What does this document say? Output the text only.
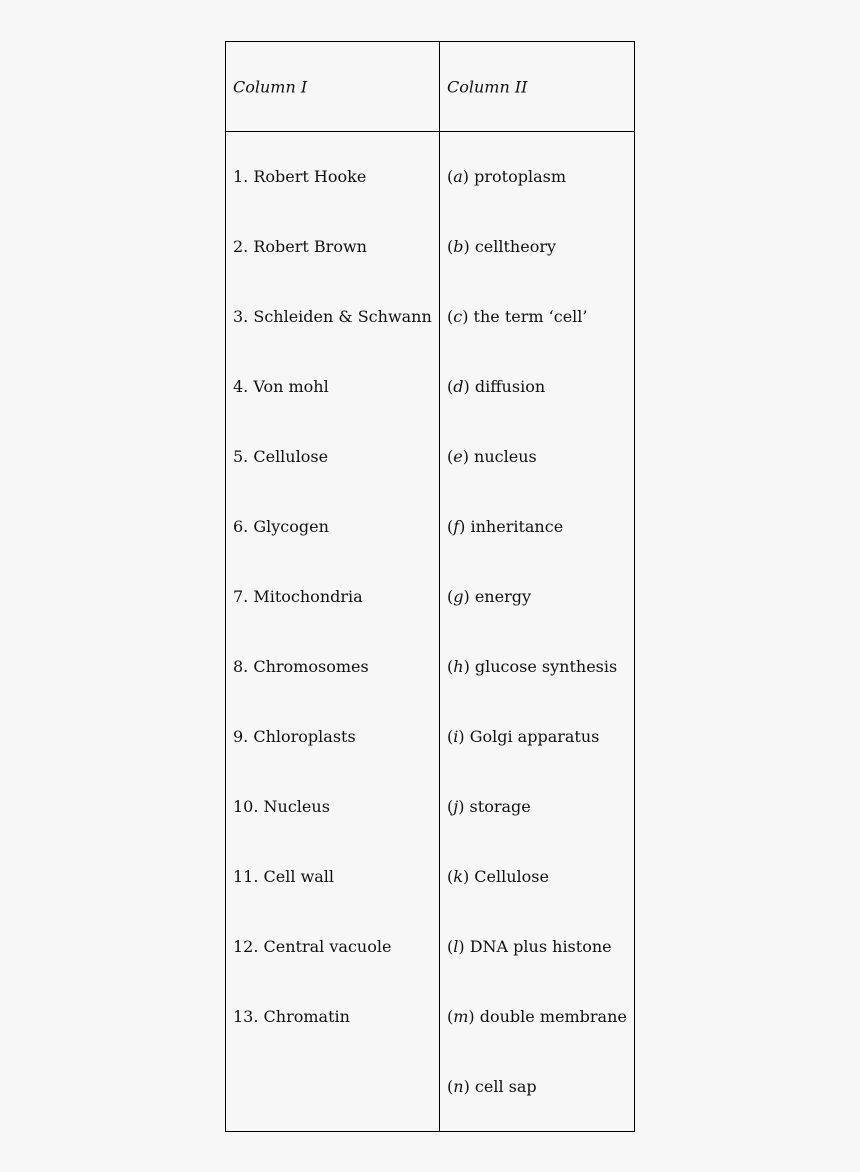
Column I	Column II
1. Robert Hooke
2. Robert Brown
3. Schleiden & Schwann
4. Von mohl
5. Cellulose
6. Glycogen
7. Mitochondria
8. Chromosomes
9. Chloroplasts
10. Nucleus
11. Cell wall
12. Central vacuole
13. Chromatin
(a) protoplasm
(b) celltheory
(c) the term ‘cell’
(d) diffusion
(e) nucleus
(f) inheritance
(g) energy
(h) glucose synthesis
(i) Golgi apparatus
(j) storage
(k) Cellulose
(l) DNA plus histone
(m) double membrane
(n) cell sap
